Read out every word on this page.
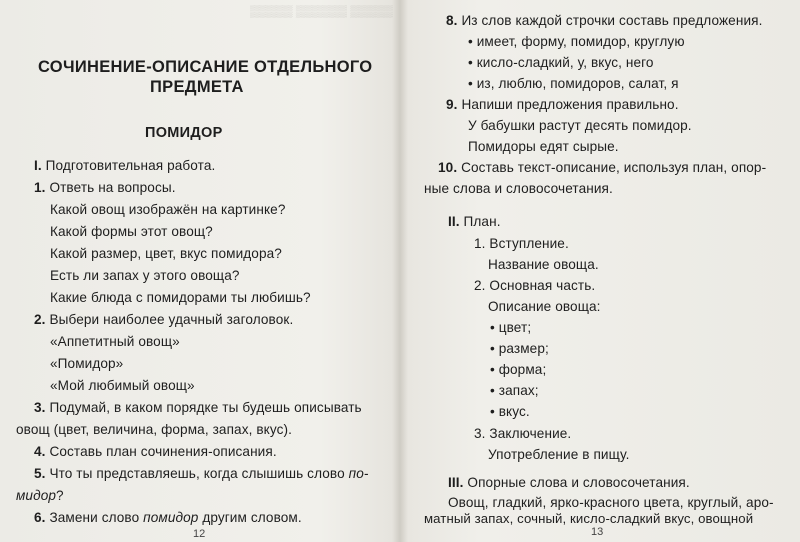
▒▒▒▒▒ ▒▒▒▒▒▒ ▒▒▒▒▒
СОЧИНЕНИЕ-ОПИСАНИЕ ОТДЕЛЬНОГО
ПРЕДМЕТА
ПОМИДОР
I. Подготовительная работа.
1. Ответь на вопросы.
Какой овощ изображён на картинке?
Какой формы этот овощ?
Какой размер, цвет, вкус помидора?
Есть ли запах у этого овоща?
Какие блюда с помидорами ты любишь?
2. Выбери наиболее удачный заголовок.
«Аппетитный овощ»
«Помидор»
«Мой любимый овощ»
3. Подумай, в каком порядке ты будешь описывать
овощ (цвет, величина, форма, запах, вкус).
4. Составь план сочинения-описания.
5. Что ты представляешь, когда слышишь слово по-
мидор?
6. Замени слово помидор другим словом.
12
8. Из слов каждой строчки составь предложения.
• имеет, форму, помидор, круглую
• кисло-сладкий, у, вкус, него
• из, люблю, помидоров, салат, я
9. Напиши предложения правильно.
У бабушки растут десять помидор.
Помидоры едят сырые.
10. Составь текст-описание, используя план, опор-
ные слова и словосочетания.
II. План.
1. Вступление.
Название овоща.
2. Основная часть.
Описание овоща:
• цвет;
• размер;
• форма;
• запах;
• вкус.
3. Заключение.
Употребление в пищу.
III. Опорные слова и словосочетания.
Овощ, гладкий, ярко-красного цвета, круглый, аро-
матный запах, сочный, кисло-сладкий вкус, овощной
13
